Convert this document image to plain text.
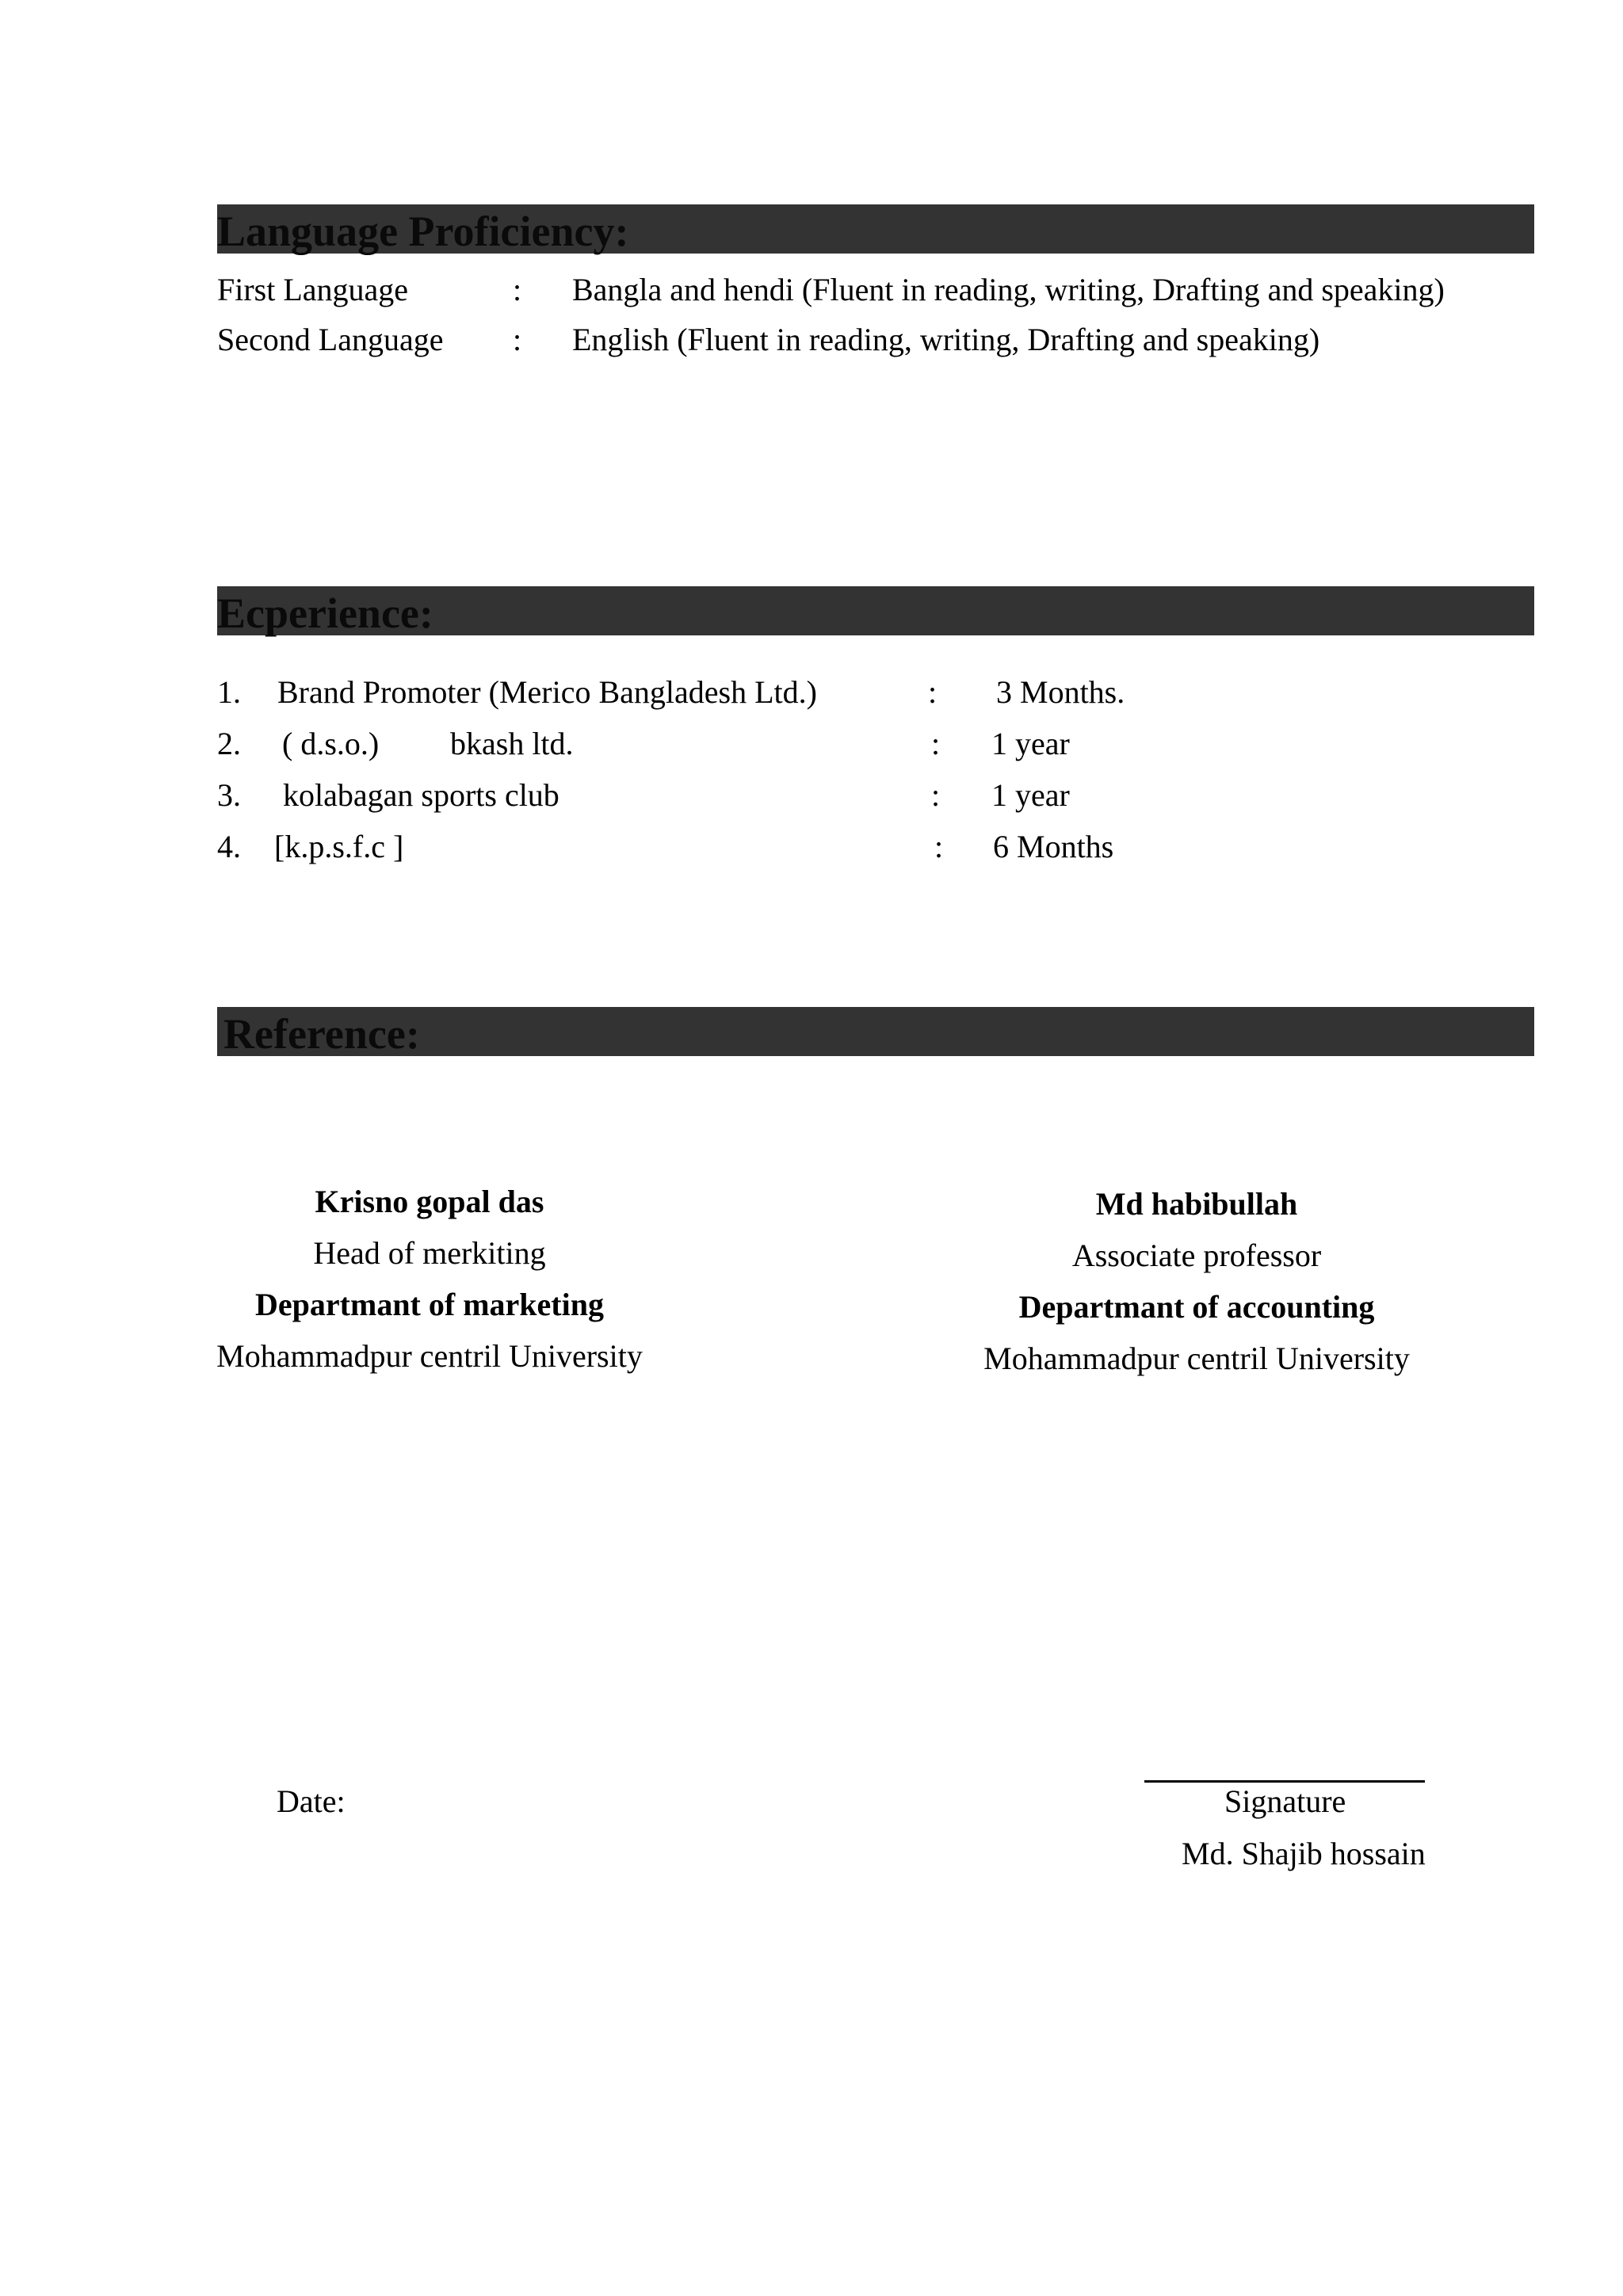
Language Proficiency:
First Language	: Bangla and hendi (Fluent in reading, writing, Drafting and speaking)
Second Language : English (Fluent in reading, writing, Drafting and speaking)
Ecperience:
1. Brand Promoter (Merico Bangladesh Ltd.)	: 3 Months.
2. ( d.s.o.) bkash ltd.	: 1 year
3. kolabagan sports club	: 1 year
4. [k.p.s.f.c ]	: 6 Months
Reference:
Krisno gopal das
Head of merkiting
Departmant of marketing
Mohammadpur centril University
Md habibullah
Associate professor
Departmant of accounting
Mohammadpur centril University
Date:	Signature
Md. Shajib hossain
